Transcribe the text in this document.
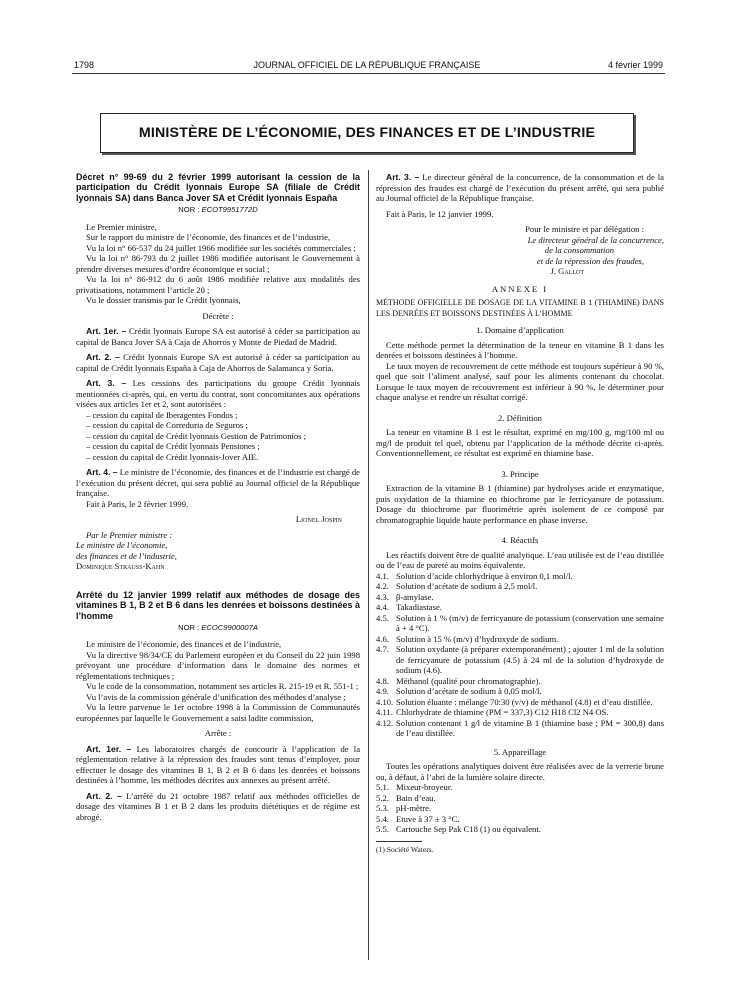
1798	JOURNAL OFFICIEL DE LA RÉPUBLIQUE FRANÇAISE	4 février 1999
MINISTÈRE DE L’ÉCONOMIE, DES FINANCES ET DE L’INDUSTRIE
Décret n° 99-69 du 2 février 1999 autorisant la cession de la participation du Crédit lyonnais Europe SA (filiale de Crédit lyonnais SA) dans Banca Jover SA et Crédit lyonnais España
NOR : ECOT9951772D

Le Premier ministre,

Sur le rapport du ministre de l’économie, des finances et de l’industrie,

Vu la loi n° 66-537 du 24 juillet 1966 modifiée sur les sociétés commerciales ;

Vu la loi n° 86-793 du 2 juillet 1986 modifiée autorisant le Gouvernement à prendre diverses mesures d’ordre économique et social ;

Vu la loi n° 86-912 du 6 août 1986 modifiée relative aux modalités des privatisations, notamment l’article 20 ;

Vu le dossier transmis par le Crédit lyonnais,

Décrète :

Art. 1er. – Crédit lyonnais Europe SA est autorisé à céder sa participation au capital de Banca Jover SA à Caja de Ahorros y Monte de Piedad de Madrid.

Art. 2. – Crédit lyonnais Europe SA est autorisé à céder sa participation au capital de Crédit lyonnais España à Caja de Ahorros de Salamanca y Soria.

Art. 3. – Les cessions des participations du groupe Crédit lyonnais mentionnées ci-après, qui, en vertu du contrat, sont concomitantes aux opérations visées aux articles 1er et 2, sont autorisées :

– cession du capital de Iberagentes Fondos ;

– cession du capital de Correduria de Seguros ;

– cession du capital de Crédit lyonnais Gestion de Patrimonios ;

– cession du capital de Crédit lyonnais Pensiones ;

– cession du capital de Crédit lyonnais-Jover AIE.

Art. 4. – Le ministre de l’économie, des finances et de l’industrie est chargé de l’exécution du présent décret, qui sera publié au Journal officiel de la République française.

Fait à Paris, le 2 février 1999.

Lionel Jospin

Par le Premier ministre :

Le ministre de l’économie,

des finances et de l’industrie,

Dominique Strauss-Kahn

Arrêté du 12 janvier 1999 relatif aux méthodes de dosage des vitamines B 1, B 2 et B 6 dans les denrées et boissons destinées à l’homme
NOR : ECOC9900007A

Le ministre de l’économie, des finances et de l’industrie,

Vu la directive 98/34/CE du Parlement européen et du Conseil du 22 juin 1998 prévoyant une procédure d’information dans le domaine des normes et réglementations techniques ;

Vu le code de la consommation, notamment ses articles R. 215-19 et R. 551-1 ;

Vu l’avis de la commission générale d’unification des méthodes d’analyse ;

Vu la lettre parvenue le 1er octobre 1998 à la Commission de Communautés européennes par laquelle le Gouvernement a saisi ladite commission,

Arrête :

Art. 1er. – Les laboratoires chargés de concourir à l’application de la réglementation relative à la répression des fraudes sont tenus d’employer, pour effectuer le dosage des vitamines B 1, B 2 et B 6 dans les denrées et boissons destinées à l’homme, les méthodes décrites aux annexes au présent arrêté.

Art. 2. – L’arrêté du 21 octobre 1987 relatif aux méthodes officielles de dosage des vitamines B 1 et B 2 dans les produits diététiques et de régime est abrogé.

Art. 3. – Le directeur général de la concurrence, de la consommation et de la répression des fraudes est chargé de l’exécution du présent arrêté, qui sera publié au Journal officiel de la République française.

Fait à Paris, le 12 janvier 1999.

Pour le ministre et par délégation :

Le directeur général de la concurrence,

de la consommation

et de la répression des fraudes,

J. Gallot

ANNEXE I

MÉTHODE OFFICIELLE DE DOSAGE DE LA VITAMINE B 1 (THIAMINE) DANS LES DENRÉES ET BOISSONS DESTINÉES À L’HOMME

1. Domaine d’application

Cette méthode permet la détermination de la teneur en vitamine B 1 dans les denrées et boissons destinées à l’homme.

Le taux moyen de recouvrement de cette méthode est toujours supérieur à 90 %, quel que soit l’aliment analysé, sauf pour les aliments contenant du chocolat. Lorsque le taux moyen de recouvrement est inférieur à 90 %, le déterminer pour chaque analyse et rendre un résultat corrigé.

2. Définition

La teneur en vitamine B 1 est le résultat, exprimé en mg/100 g, mg/100 ml ou mg/l de produit tel quel, obtenu par l’application de la méthode décrite ci-après. Conventionnellement, ce résultat est exprimé en thiamine base.

3. Principe

Extraction de la vitamine B 1 (thiamine) par hydrolyses acide et enzymatique, puis oxydation de la thiamine en thiochrome par le ferricyanure de potassium. Dosage du thiochrome par fluorimétrie après isolement de ce composé par chromatographie liquide haute performance en phase inverse.

4. Réactifs

Les réactifs doivent être de qualité analytique. L’eau utilisée est de l’eau distillée ou de l’eau de pureté au moins équivalente.

4.1. Solution d’acide chlorhydrique à environ 0,1 mol/l.
4.2. Solution d’acétate de sodium à 2,5 mol/l.
4.3. β-amylase.
4.4. Takadiastase.
4.5. Solution à 1 % (m/v) de ferricyanure de potassium (conservation une semaine à + 4 °C).
4.6. Solution à 15 % (m/v) d’hydroxyde de sodium.
4.7. Solution oxydante (à préparer extemporanément) ; ajouter 1 ml de la solution de ferricyanure de potassium (4.5) à 24 ml de la solution d’hydroxyde de sodium (4.6).
4.8. Méthanol (qualité pour chromatographie).
4.9. Solution d’acétate de sodium à 0,05 mol/l.
4.10. Solution éluante : mélange 70:30 (v/v) de méthanol (4.8) et d’eau distillée.
4.11. Chlorhydrate de thiamine (PM = 337,3) C12 H18 Cl2 N4 OS.
4.12. Solution contenant 1 g/l de vitamine B 1 (thiamine base ; PM = 300,8) dans de l’eau distillée.

5. Appareillage

Toutes les opérations analytiques doivent être réalisées avec de la verrerie brune ou, à défaut, à l’abri de la lumière solaire directe.

5.1. Mixeur-broyeur.
5.2. Bain d’eau.
5.3. pH-mètre.
5.4. Etuve à 37 ± 3 °C.
5.5. Cartouche Sep Pak C18 (1) ou équivalent.

(1) Société Waters.
